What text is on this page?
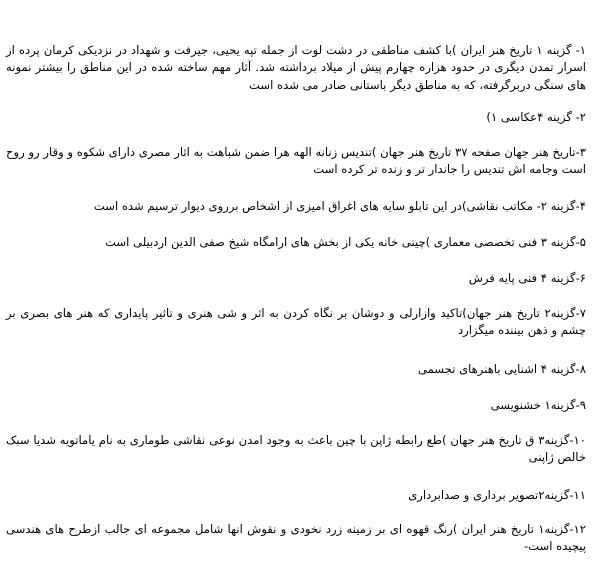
۱- گزینه ۱ تاریخ هنر ایران )با کشف مناطقی در دشت لوت از جمله تپه یحیی، جیرفت و شهداد در نزدیکی کرمان پرده از اسرار تمدن دیگری در حدود هزاره چهارم پیش از میلاد برداشته شد. آثار مهم ساخته شده در این مناطق را بیشتر نمونه های سنگی دربرگرفته، که به مناطق دیگر باستانی صادر می شده است

۲- گزینه ۴عکاسی ۱)

۳-تاریخ هنر جهان صفحه ۳۷ تاریخ هنر جهان )تندیس زنانه الهه هرا ضمن شباهت به اثار مصری دارای شکوه و وقار رو روح است وجامه اش تندیس را جاندار تر و زنده تر کرده است

۴-گزینه ۲- مکاتب نقاشی)در این تابلو سایه های اغراق امیزی از اشخاص برروی دیوار ترسیم شده است

۵-گزینه ۳ فنی تخصصی معماری )چینی خانه یکی از بخش های ارامگاه شیخ صفی الدین اردبیلی است

۶-گزینه ۴ فنی پایه فرش

۷-گزینه۲ تاریخ هنر جهان)تاکید وازارلی و دوشان بر نگاه کردن به اثر و شی هنری و تاثیر پایداری که هنر های بصری بر چشم و ذهن بیننده میگزارد

۸-گزینه ۴ اشنایی باهنرهای تجسمی

۹-گزینه۱ خشنویسی

۱۰-گزینه۳ ق تاریخ هنر جهان )طع رابطه ژاپن با چین باعث به وجود امدن نوعی نقاشی طوماری به نام یاماتویه شدیا سبک خالص ژاپنی

۱۱-گزینه۲تصویر برداری و صدابرداری

۱۲-گزینه۱ تاریخ هنر ایران )رنگ قهوه ای بر زمینه زرد نخودی و نقوش انها شامل مجموعه ای جالب ازطرح های هندسی پیچیده است-
